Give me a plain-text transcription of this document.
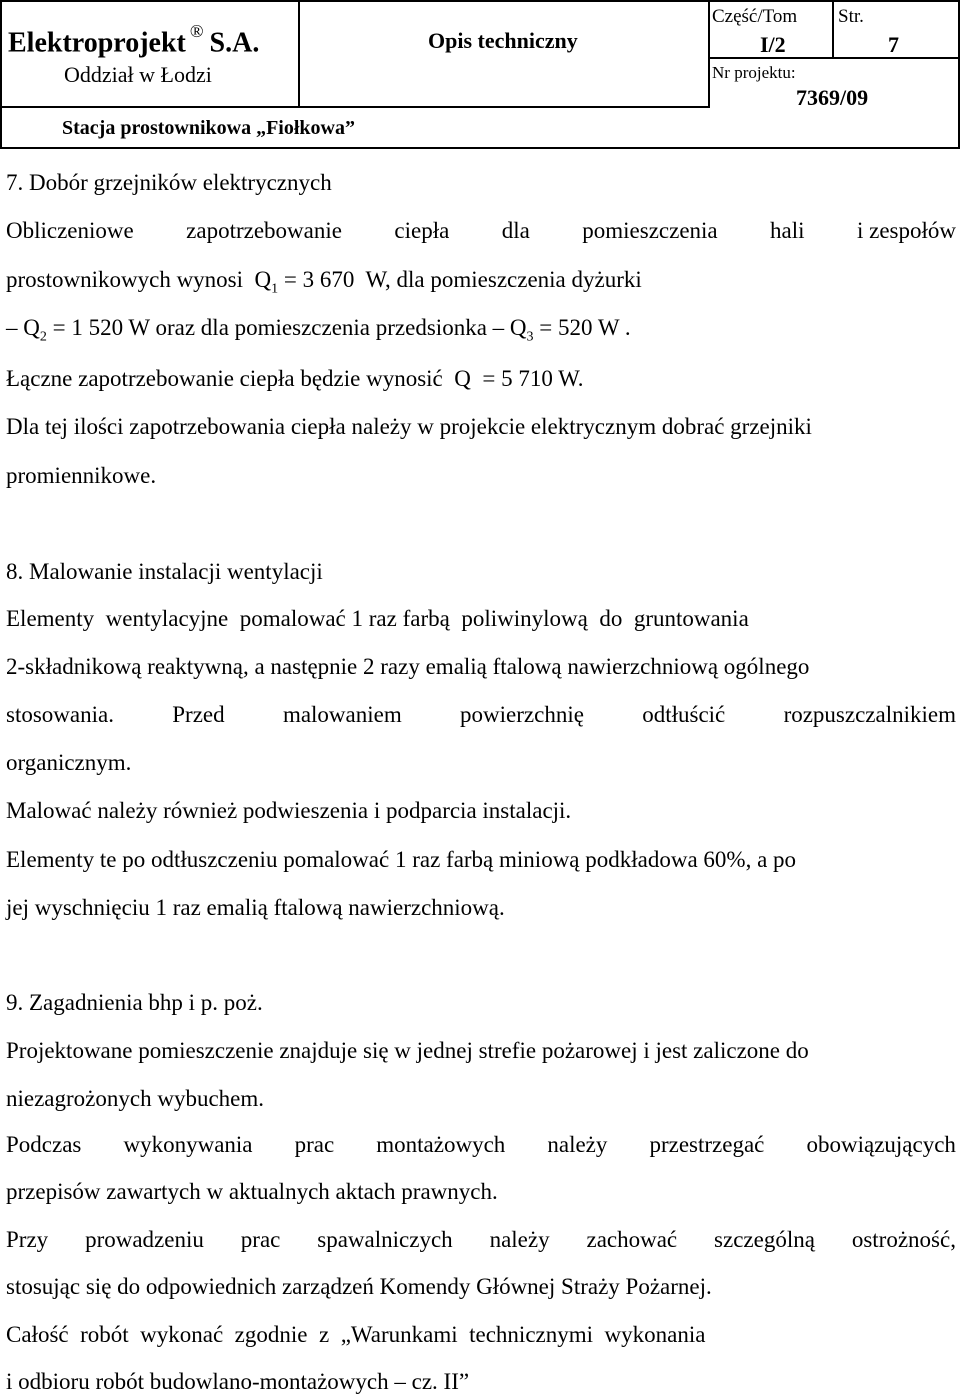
Elektroprojekt ® S.A.
Oddział w Łodzi
Opis techniczny
Część/Tom
I/2
Str.
7
Nr projektu:
7369/09
Stacja prostownikowa „Fiołkowa”
7. Dobór grzejników elektrycznych
Obliczeniowe zapotrzebowanie ciepła dla pomieszczenia hali i zespołów
prostownikowych wynosi  $Q_1 = 3$ 670  W, dla pomieszczenia dyżurki
– $Q_2 = 1$ 520 W oraz dla pomieszczenia przedsionka – $Q_3 = 520$ W .
Łączne zapotrzebowanie ciepła będzie wynosić  Q  = 5 710 W.
Dla tej ilości zapotrzebowania ciepła należy w projekcie elektrycznym dobrać grzejniki
promiennikowe.
8. Malowanie instalacji wentylacji
Elementy  wentylacyjne  pomalować 1 raz farbą  poliwinylową  do  gruntowania
2-składnikową reaktywną, a następnie 2 razy emalią ftalową nawierzchniową ogólnego
stosowania.	Przed	malowaniem	powierzchnię	odtłuścić	rozpuszczalnikiem
organicznym.
Malować należy również podwieszenia i podparcia instalacji.
Elementy te po odtłuszczeniu pomalować 1 raz farbą miniową podkładowa 60%, a po
jej wyschnięciu 1 raz emalią ftalową nawierzchniową.
9. Zagadnienia bhp i p. poż.
Projektowane pomieszczenie znajduje się w jednej strefie pożarowej i jest zaliczone do
niezagrożonych wybuchem.
Podczas wykonywania prac montażowych należy przestrzegać obowiązujących
przepisów zawartych w aktualnych aktach prawnych.
Przy prowadzeniu prac spawalniczych należy zachować szczególną ostrożność,
stosując się do odpowiednich zarządzeń Komendy Głównej Straży Pożarnej.
Całość  robót  wykonać  zgodnie  z  „Warunkami  technicznymi  wykonania
i odbioru robót budowlano-montażowych – cz. II”
